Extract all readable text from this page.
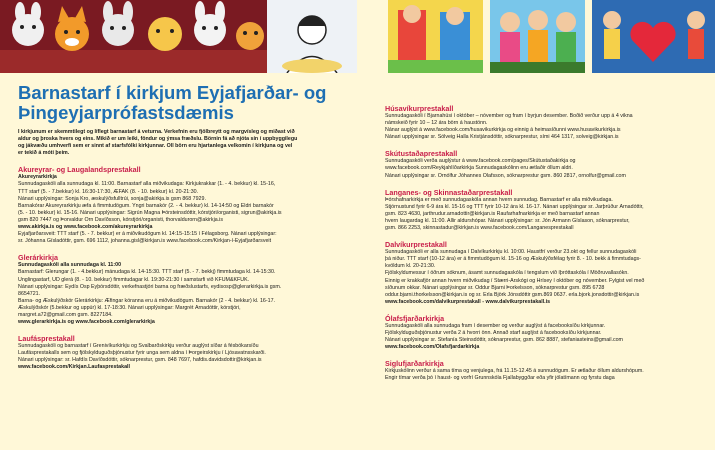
Barnastarf í kirkjum Eyjafjarðar- og
Þingeyjarprófastsdæmis
Í kirkjunum er skemmtilegt og líflegt barnastarf á veturna. Verkefnin eru fjölbreytt og margvísleg og miðast við
aldur og þroska hvers og eins. Mikið er um leiki, föndur og ýmsa fræðslu. Börnin fá að njóta sín í uppbyggilegu
og jákvæðu umhverfi sem er sinnt af starfsfólki kirkjunnar. Öll börn eru hjartanlega velkomin í kirkjuna og vel
er tekið á móti þeim.
Akureyrar- og Laugalandsprestakall
Akureyrarkirkja
Sunnudagaskóli alla sunnudaga kl. 11:00. Barnastarf alla miðvikudaga: Kirkjukrakkar (1. - 4. bekkur) kl. 15-16,
TTT starf (5. - 7.bekkur) kl. 16:30-17:30, ÆFAK (8. - 10. bekkur) kl. 20-21:30.
Nánari upplýsingar: Sonja Kro, æskulýðsfulltrúi, sonja@akirkja.is gsm 868 7929.
Barnakórar Akureyrarkirkju æfa á fimmtudögum. Yngri barnakór (2. - 4. bekkur) kl. 14-14:50 og Eldri barnakór
(5. - 10. bekkur) kl. 15-16. Nánari upplýsingar: Sigrún Magna Þórsteinsdóttir, kórstjóri/organisti, sigrun@akirkja.is
gsm 820 7447 og Þorvaldur Örn Davíðsson, kórstjóri/organisti, thorvaldurorn@akirkja.is
www.akirkja.is og www.facebook.com/akureyrarkirkja
Eyjafjarðarsveit: TTT starf (5. - 7. bekkur) er á miðvikudögum kl. 14:15-15:15 í Félagsborg. Nánari upplýsingar:
sr. Jóhanna Gísladóttir, gsm. 696 1112, johanna.gisl@kirkjan.is www.facebook.com/Kirkjan-í-Eyjafjarðarsveit
Glerárkirkja
Sunnudagaskóli alla sunnudaga kl. 11:00
Barnastarf: Glerungar (1. - 4.bekkur) mánudaga kl. 14-15:30. TTT starf (5. - 7. bekkj) fimmtudaga kl. 14-15:30.
Unglingastarf, UD glerá (8. - 10. bekkur) fimmtudagar kl. 19:30-21:30 í samstarfi við KFUM&KFUK.
Nánari upplýsingar: Eydís Ösp Eyþórsdóttir, verkefnastjóri barna og fræðslustarfs, eydisosp@glerarkirkja.is gsm.
8654721.
Barna- og Æskulýðskór Glerárkirkju: Æfingar kóranna eru á miðvikudögum. Barnakór (2 - 4. bekkur) kl. 16-17.
Æskulýðskór (5.bekkur og uppúr) kl. 17-18:30. Nánari upplýsingar: Margrét Árnadóttir, kórstjóri,
margret.a72@gmail.com gsm. 8227184.
www.glerarkirkja.is og www.facebook.com/glerarkirkja
Laufásprestakall
Sunnudagaskóli og barnastarf í Grenivíkurkirkju og Svalbarðskirkju verður auglýst síðar á fésbókarsíðu
Laufásprestakalls sem og fjölskylduguðsþjónustur fyrir unga sem aldna í Þorgeirskirkju í Ljósavatnsskarði.
Nánari upplýsingar: sr. Hafdís Davíðsdóttir, sóknarprestur, gsm. 848 7697, hafdis.davidsdottir@kirkjan.is
www.facebook.com/Kirkjan.Laufasprestakall
Húsavíkurprestakall
Sunnudagaskóli í Bjarnahúsi í október – nóvember og fram í byrjun desember. Boðið verður upp á 4 vikna
námskeið fyrir 10 – 12 ára börn á haustönn.
Nánar auglýst á www.facebook.com/husavikurkirkja og einnig á heimasíðunni www.husavikurkirkja.is
Nánari upplýsingar sr. Sólveig Halla Kristjánsdóttir, sóknarprestur, sími 464 1317, solveig@kirkjan.is
Skútustaðaprestakall
Sunnudagaskóli verða auglýstur á www.facebook.com/pages/Skútustaðakirkja og
www.facebook.com/Reykjahlíðarkirkja Sunnudagaskólinn eru ætlaðir öllum aldri.
Nánari upplýsingar sr. Örnólfur Jóhannes Ólafsson, sóknarprestur gsm. 860 2817, ornolfur@gmail.com
Langanes- og Skinnastaðarprestakall
Þórshafnarkirkja er með sunnudagaskóla annan hvern sunnudag. Barnastarf er alla miðvikudaga.
Stjórnustund fyrir 6-9 ára kl. 15-16 og TTT fyrir 10-12 ára kl. 16-17. Nánari upplýsingar sr. Jarþrúður Árnadóttir,
gsm. 823 4630, jarthrudur.arnadottir@kirkjan.is Raufarhafnarkirkja er með barnastarf annan
hvern laugardag kl. 11:00. Allir aldurshópar. Nánari upplýsingar: sr. Jón Ármann Gíslason, sóknarprestur,
gsm. 866 2253, skinnastadur@kirkjan.is www.facebook.com/Langanesprestakall
Dalvíkurprestakall
Sunnudagaskóli er alla sunnudaga í Dalvíkurkirkju kl. 10:00. Haustfrí verður 23.okt og fellur sunnudagaskóli
þá niður. TTT starf (10-12 ára) er á fimmtudögum kl. 15-16 og Æskulýðsfélag fyrir 8. - 10. bekk á fimmtudags-
kvöldum kl. 20-21:30.
Fjölskyldumessur í öðrum sóknum, ásamt sunnudagaskóla í tengslum við íþróttaskóla í Möðruvallasókn.
Einnig er krakkafjör annan hvern miðvikudag í Stærri-Árskógi og Hrísey í október og nóvember. Fylgist vel með
síðunum okkar. Nánari upplýsingar sr. Oddur Bjarni Þorkelsson, sóknarprestur gsm. 895 6728
oddur.bjarni.thorkelsson@kirkjan.is og sr. Erla Björk Jónsdóttir gsm.869 0637. erla.bjork.jonsdottir@kirkjan.is
www.facebook.com/dalvikurprestakall - www.dalvikurprestakall.is
Ólafsfjarðarkirkja
Sunnudagaskóli alla sunnudaga fram í desember og verður auglýst á facebooksíðu kirkjunnar.
Fjölskylduguðsþjónustur verða 2 á hvorri önn. Annað starf auglýst á facebooksíðu kirkjunnar.
Nánari upplýsingar sr. Stefanía Steinsdóttir, sóknarprestur, gsm. 862 8887, stefaniasteins@gmail.com
www.facebook.com/Olafsfjardarkirkja
Siglufjarðarkirkja
Kirkjuskólinn verður á sama tíma og venjulega, frá 11.15-12.45 á sunnudögum. Er ætlaður öllum aldurshópum.
Engir tímar verða þó í haust- og vorfrí Grunnskóla Fjallabyggðar eða yfir jólatímann og fyrstu daga
